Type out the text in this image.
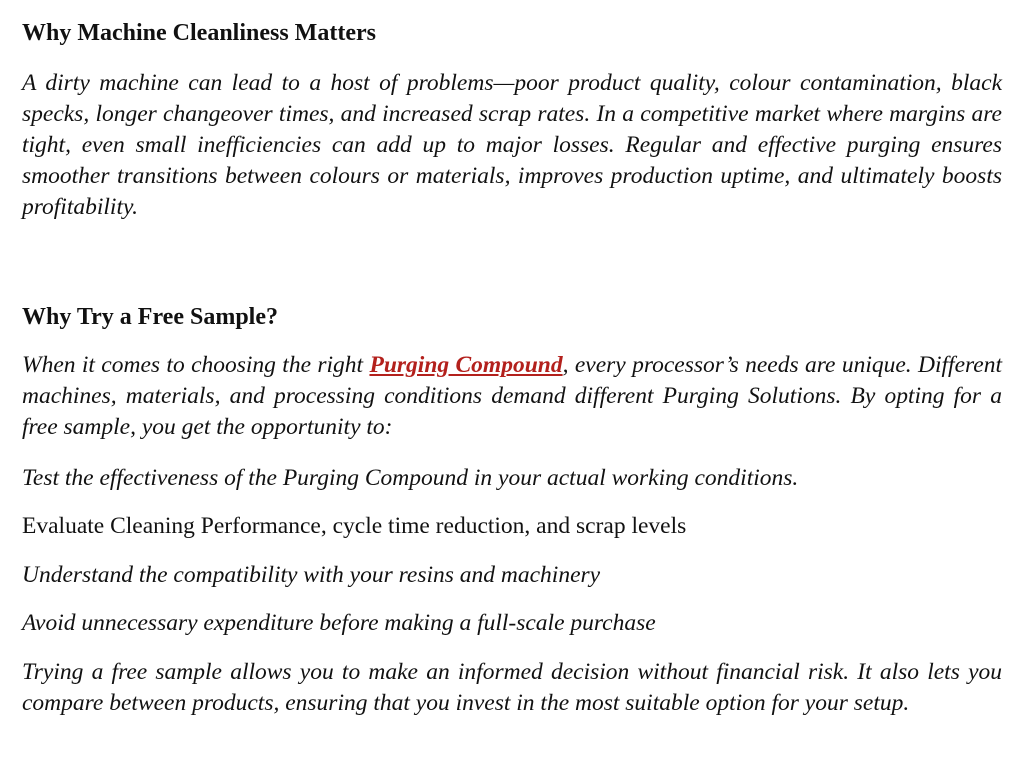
Why Machine Cleanliness Matters

A dirty machine can lead to a host of problems—poor product quality, colour contamination, black specks, longer changeover times, and increased scrap rates. In a competitive market where margins are tight, even small inefficiencies can add up to major losses. Regular and effective purging ensures smoother transitions between colours or materials, improves production uptime, and ultimately boosts profitability.

Why Try a Free Sample?

When it comes to choosing the right Purging Compound, every processor’s needs are unique. Different machines, materials, and processing conditions demand different Purging Solutions. By opting for a free sample, you get the opportunity to:

Test the effectiveness of the Purging Compound in your actual working conditions.

Evaluate Cleaning Performance, cycle time reduction, and scrap levels

Understand the compatibility with your resins and machinery

Avoid unnecessary expenditure before making a full-scale purchase

Trying a free sample allows you to make an informed decision without financial risk. It also lets you compare between products, ensuring that you invest in the most suitable option for your setup.
